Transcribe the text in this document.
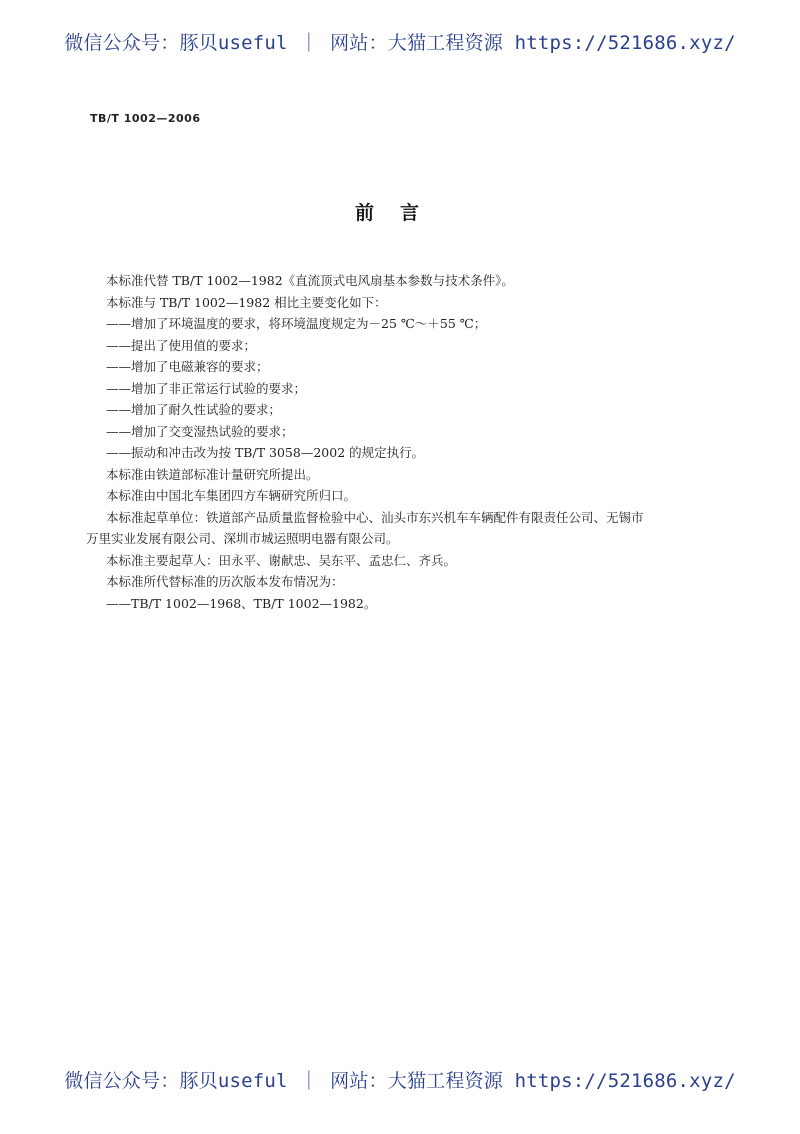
微信公众号：豚贝useful ｜ 网站：大猫工程资源 https://521686.xyz/
TB/T 1002—2006
前言
本标准代替 TB/T 1002—1982《直流顶式电风扇基本参数与技术条件》。
本标准与 TB/T 1002—1982 相比主要变化如下：
——增加了环境温度的要求，将环境温度规定为－25 ℃～＋55 ℃；
——提出了使用值的要求；
——增加了电磁兼容的要求；
——增加了非正常运行试验的要求；
——增加了耐久性试验的要求；
——增加了交变湿热试验的要求；
——振动和冲击改为按 TB/T 3058—2002 的规定执行。
本标准由铁道部标准计量研究所提出。
本标准由中国北车集团四方车辆研究所归口。
本标准起草单位：铁道部产品质量监督检验中心、汕头市东兴机车车辆配件有限责任公司、无锡市
万里实业发展有限公司、深圳市城运照明电器有限公司。
本标准主要起草人：田永平、谢献忠、吴东平、孟忠仁、齐兵。
本标准所代替标准的历次版本发布情况为：
——TB/T 1002—1968、TB/T 1002—1982。
微信公众号：豚贝useful ｜ 网站：大猫工程资源 https://521686.xyz/
